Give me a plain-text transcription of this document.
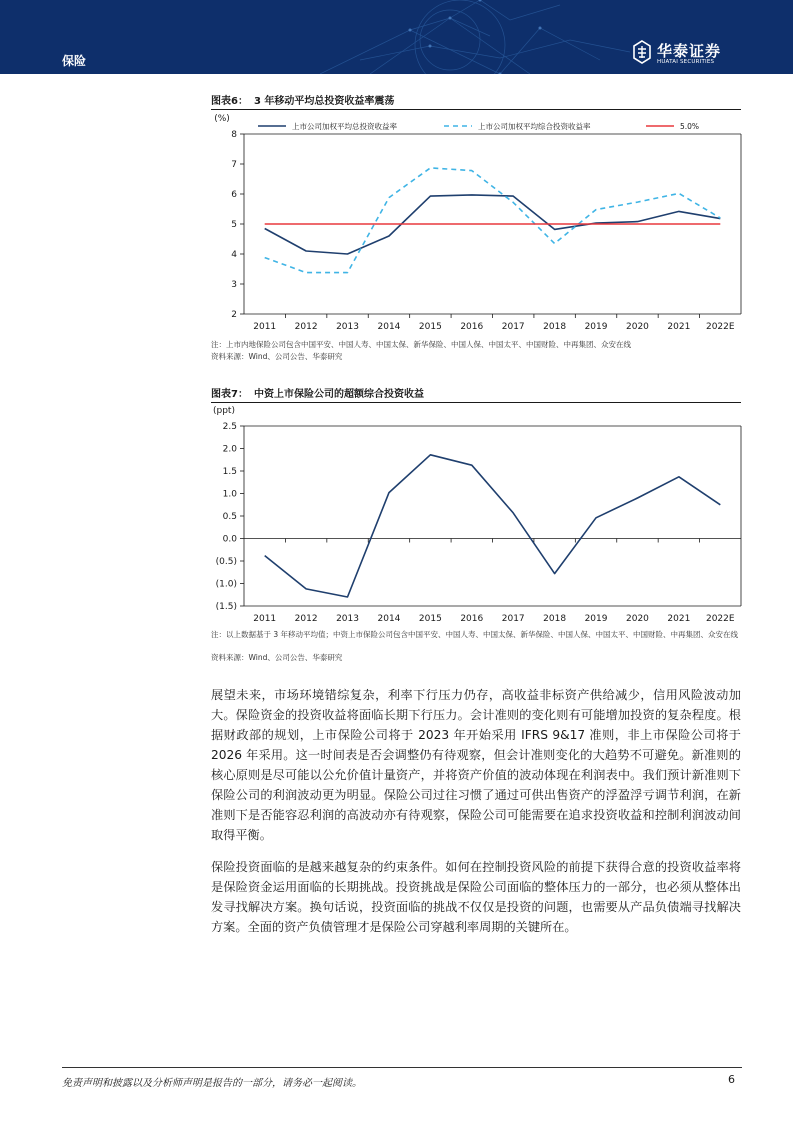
保险
华泰证券
HUATAI SECURITIES
图表6： 3 年移动平均总投资收益率震荡
(%)
2
3
4
5
6
7
8
2011 2012 2013 2014 2015 2016 2017 2018 2019 2020 2021 2022E
上市公司加权平均总投资收益率	上市公司加权平均综合投资收益率	5.0%
注：上市内地保险公司包含中国平安、中国人寿、中国太保、新华保险、中国人保、中国太平、中国财险、中再集团、众安在线
资料来源：Wind、公司公告、华泰研究
图表7： 中资上市保险公司的超额综合投资收益
(ppt)
2.5
2.0
1.5
1.0
0.5
0.0
(0.5)
(1.0)
(1.5)
2011 2012 2013 2014 2015 2016 2017 2018 2019 2020 2021 2022E
注：以上数据基于 3 年移动平均值；中资上市保险公司包含中国平安、中国人寿、中国太保、新华保险、中国人保、中国太平、中国财险、中再集团、众安在线
资料来源：Wind、公司公告、华泰研究

展望未来，市场环境错综复杂，利率下行压力仍存，高收益非标资产供给减少，信用风险波动加大。保险资金的投资收益将面临长期下行压力。会计准则的变化则有可能增加投资的复杂程度。根据财政部的规划，上市保险公司将于 2023 年开始采用 IFRS 9&17 准则，非上市保险公司将于 2026 年采用。这一时间表是否会调整仍有待观察，但会计准则变化的大趋势不可避免。新准则的核心原则是尽可能以公允价值计量资产，并将资产价值的波动体现在利润表中。我们预计新准则下保险公司的利润波动更为明显。保险公司过往习惯了通过可供出售资产的浮盈浮亏调节利润，在新准则下是否能容忍利润的高波动亦有待观察，保险公司可能需要在追求投资收益和控制利润波动间取得平衡。

保险投资面临的是越来越复杂的约束条件。如何在控制投资风险的前提下获得合意的投资收益率将是保险资金运用面临的长期挑战。投资挑战是保险公司面临的整体压力的一部分，也必须从整体出发寻找解决方案。换句话说，投资面临的挑战不仅仅是投资的问题，也需要从产品负债端寻找解决方案。全面的资产负债管理才是保险公司穿越利率周期的关键所在。

免责声明和披露以及分析师声明是报告的一部分，请务必一起阅读。	6
